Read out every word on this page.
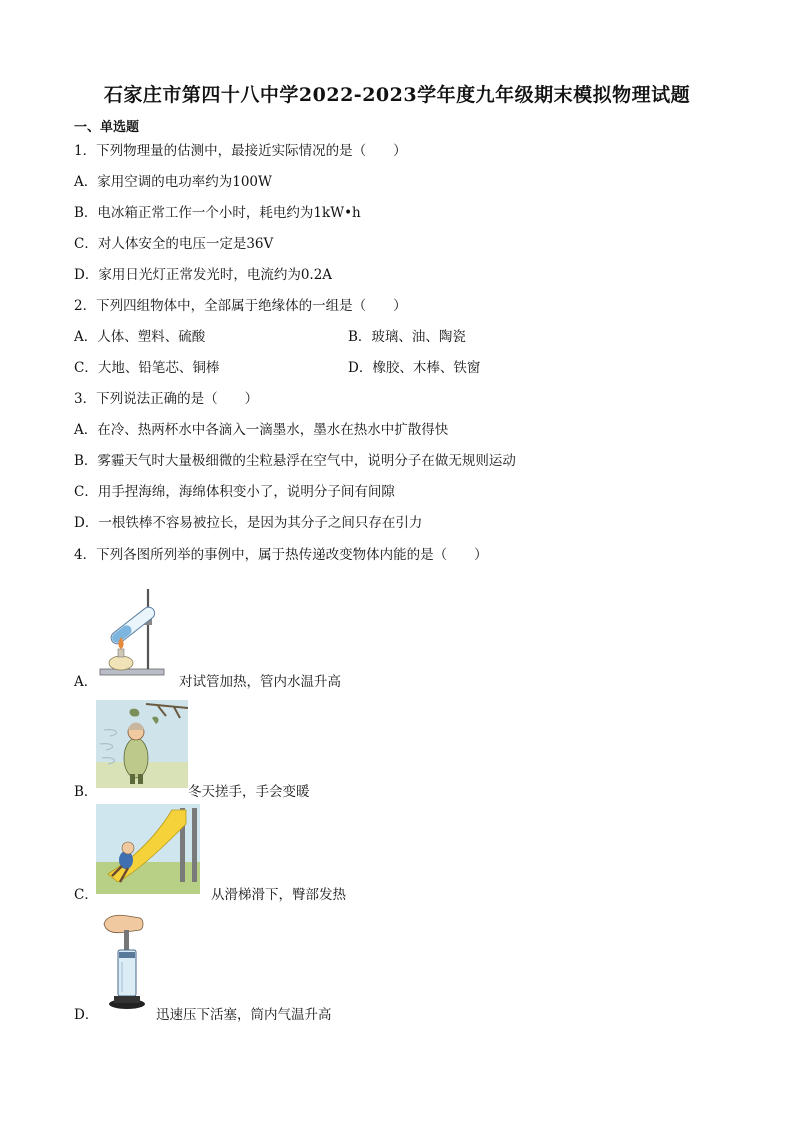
石家庄市第四十八中学2022-2023学年度九年级期末模拟物理试题
一、单选题
1．下列物理量的估测中，最接近实际情况的是（　　）
A．家用空调的电功率约为100W
B．电冰箱正常工作一个小时，耗电约为1kW•h
C．对人体安全的电压一定是36V
D．家用日光灯正常发光时，电流约为0.2A
2．下列四组物体中，全部属于绝缘体的一组是（　　）
A．人体、塑料、硫酸	B．玻璃、油、陶瓷
C．大地、铅笔芯、铜棒	D．橡胶、木棒、铁窗
3．下列说法正确的是（　　）
A．在冷、热两杯水中各滴入一滴墨水，墨水在热水中扩散得快
B．雾霾天气时大量极细微的尘粒悬浮在空气中，说明分子在做无规则运动
C．用手捏海绵，海绵体积变小了，说明分子间有间隙
D．一根铁棒不容易被拉长，是因为其分子之间只存在引力
4．下列各图所列举的事例中，属于热传递改变物体内能的是（　　）
A．	对试管加热，管内水温升高
B．	冬天搓手，手会变暖
C．	从滑梯滑下，臀部发热
D．	迅速压下活塞，筒内气温升高
